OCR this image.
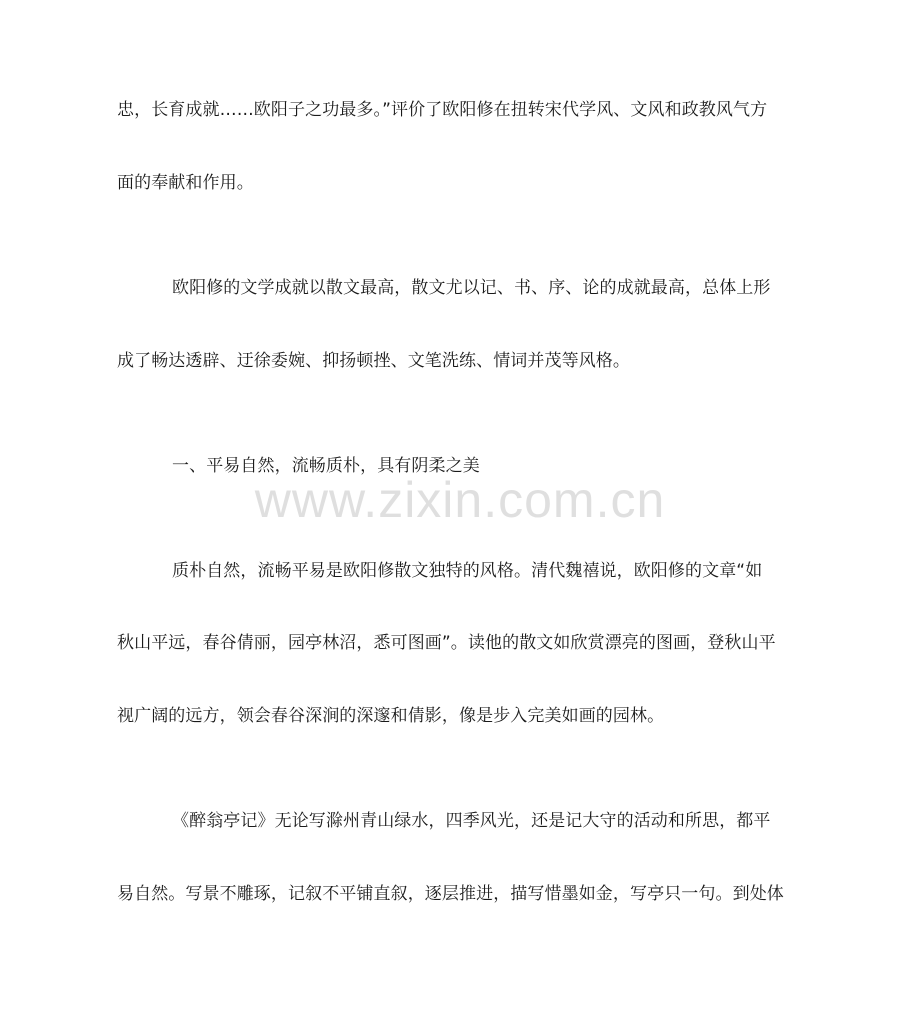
忠，长育成就……欧阳子之功最多。”评价了欧阳修在扭转宋代学风、文风和政教风气方
面的奉献和作用。
欧阳修的文学成就以散文最高，散文尤以记、书、序、论的成就最高，总体上形
成了畅达透辟、迂徐委婉、抑扬顿挫、文笔洗练、情词并茂等风格。
一、平易自然，流畅质朴，具有阴柔之美
质朴自然，流畅平易是欧阳修散文独特的风格。清代魏禧说，欧阳修的文章“如
秋山平远，春谷倩丽，园亭林沼，悉可图画”。读他的散文如欣赏漂亮的图画，登秋山平
视广阔的远方，领会春谷深涧的深邃和倩影，像是步入完美如画的园林。
《醉翁亭记》无论写滁州青山绿水，四季风光，还是记大守的活动和所思，都平
易自然。写景不雕琢，记叙不平铺直叙，逐层推进，描写惜墨如金，写亭只一句。到处体
www.zixin.com.cn
